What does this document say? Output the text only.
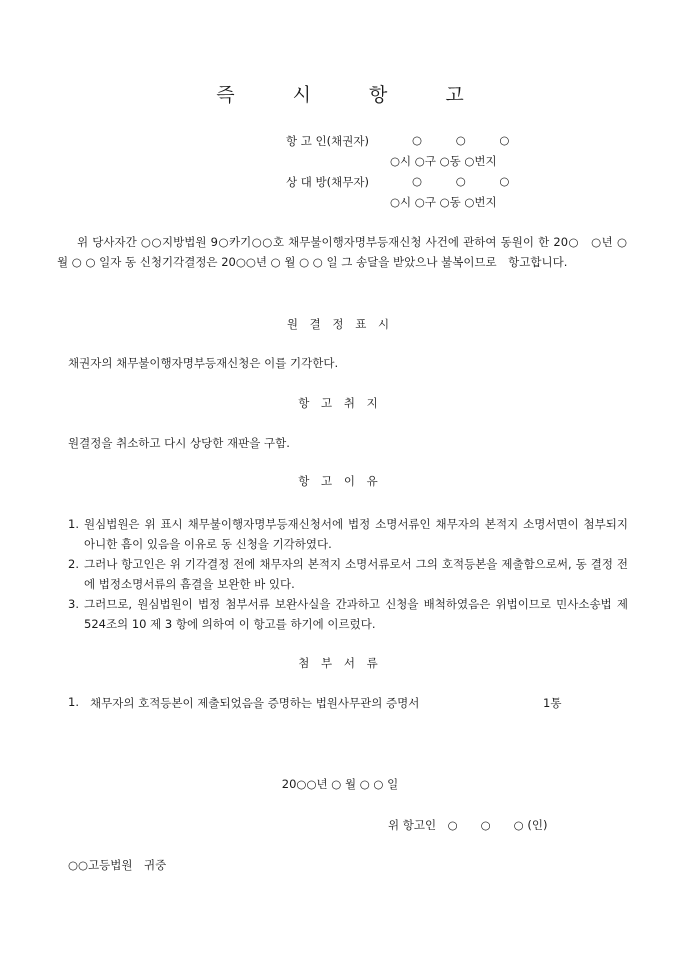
즉 시 항 고
항 고 인(채권자)	○ ○ ○
○시 ○구 ○동 ○번지
상 대 방(채무자)	○ ○ ○
○시 ○구 ○동 ○번지
위 당사자간 ○○지방법원 9○카기○○호 채무불이행자명부등재신청 사건에 관하여 동원이 한 20○　○년 ○ 월 ○ ○ 일자 동 신청기각결정은 20○○년 ○ 월 ○ ○ 일 그 송달을 받았으나 불복이므로　항고합니다.
원 결 정 표 시
채권자의 채무불이행자명부등재신청은 이를 기각한다.
항 고 취 지
원결정을 취소하고 다시 상당한 재판을 구함.
항 고 이 유
1. 원심법원은 위 표시 채무불이행자명부등재신청서에 법정 소명서류인 채무자의 본적지 소명서면이 첨부되지 아니한 흠이 있음을 이유로 동 신청을 기각하였다.
2. 그러나 항고인은 위 기각결정 전에 채무자의 본적지 소명서류로서 그의 호적등본을 제출함으로써, 동 결정 전에 법정소명서류의 흠결을 보완한 바 있다.
3. 그러므로, 원심법원이 법정 첨부서류 보완사실을 간과하고 신청을 배척하였음은 위법이므로 민사소송법 제524조의 10 제 3 항에 의하여 이 항고를 하기에 이르렀다.
첨 부 서 류
1. 채무자의 호적등본이 제출되었음을 증명하는 법원사무관의 증명서	1통
20○○년 ○ 월 ○ ○ 일
위 항고인　○　　○　　○ (인)
○○고등법원　귀중
